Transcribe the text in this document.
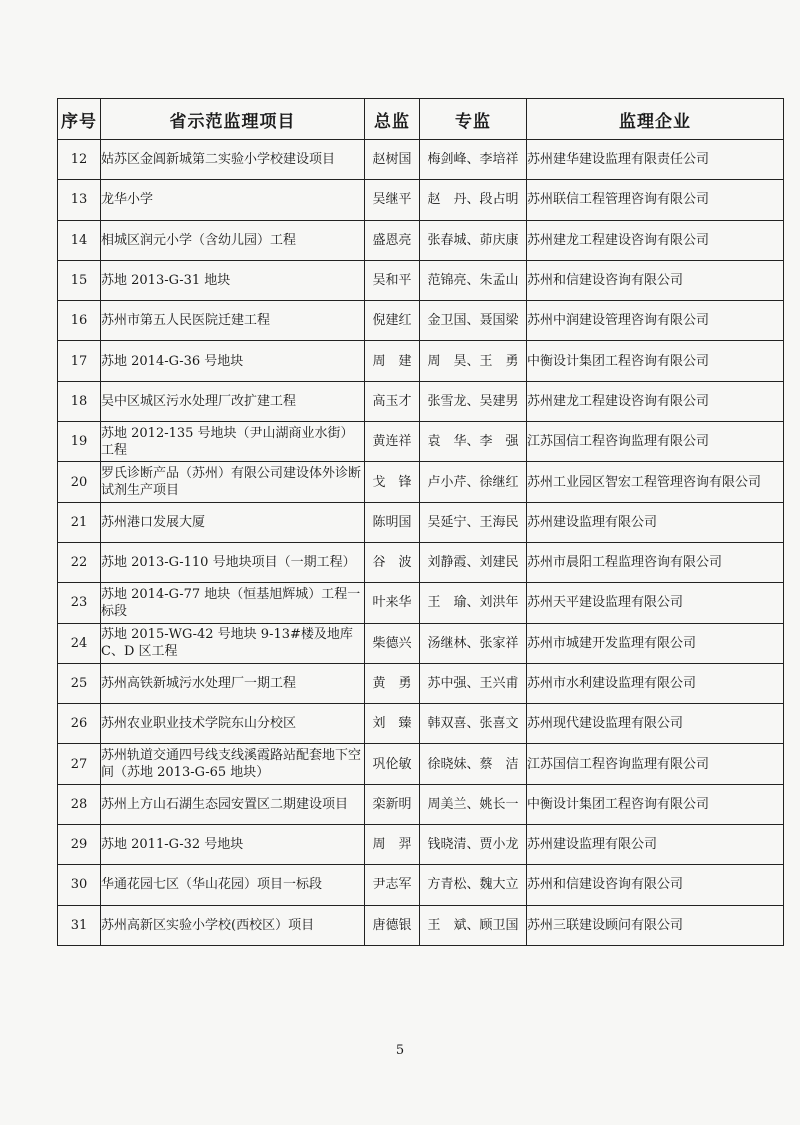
序号	省示范监理项目	总监	专监	监理企业
12	姑苏区金阊新城第二实验小学校建设项目	赵树国	梅剑峰、李培祥	苏州建华建设监理有限责任公司
13	龙华小学	吴继平	赵　丹、段占明	苏州联信工程管理咨询有限公司
14	相城区润元小学（含幼儿园）工程	盛恩亮	张春城、茆庆康	苏州建龙工程建设咨询有限公司
15	苏地 2013-G-31 地块	吴和平	范锦亮、朱孟山	苏州和信建设咨询有限公司
16	苏州市第五人民医院迁建工程	倪建红	金卫国、聂国梁	苏州中润建设管理咨询有限公司
17	苏地 2014-G-36 号地块	周　建	周　昊、王　勇	中衡设计集团工程咨询有限公司
18	吴中区城区污水处理厂改扩建工程	高玉才	张雪龙、吴建男	苏州建龙工程建设咨询有限公司
19	苏地 2012-135 号地块（尹山湖商业水街）工程	黄连祥	袁　华、李　强	江苏国信工程咨询监理有限公司
20	罗氏诊断产品（苏州）有限公司建设体外诊断试剂生产项目	戈　锋	卢小芹、徐继红	苏州工业园区智宏工程管理咨询有限公司
21	苏州港口发展大厦	陈明国	吴延宁、王海民	苏州建设监理有限公司
22	苏地 2013-G-110 号地块项目（一期工程）	谷　波	刘静霞、刘建民	苏州市晨阳工程监理咨询有限公司
23	苏地 2014-G-77 地块（恒基旭辉城）工程一标段	叶来华	王　瑜、刘洪年	苏州天平建设监理有限公司
24	苏地 2015-WG-42 号地块 9-13#楼及地库 C、D 区工程	柴德兴	汤继林、张家祥	苏州市城建开发监理有限公司
25	苏州高铁新城污水处理厂一期工程	黄　勇	苏中强、王兴甫	苏州市水利建设监理有限公司
26	苏州农业职业技术学院东山分校区	刘　臻	韩双喜、张喜文	苏州现代建设监理有限公司
27	苏州轨道交通四号线支线溪霞路站配套地下空间（苏地 2013-G-65 地块）	巩伦敏	徐晓妹、蔡　洁	江苏国信工程咨询监理有限公司
28	苏州上方山石湖生态园安置区二期建设项目	栾新明	周美兰、姚长一	中衡设计集团工程咨询有限公司
29	苏地 2011-G-32 号地块	周　羿	钱晓清、贾小龙	苏州建设监理有限公司
30	华通花园七区（华山花园）项目一标段	尹志军	方青松、魏大立	苏州和信建设咨询有限公司
31	苏州高新区实验小学校(西校区）项目	唐德银	王　斌、顾卫国	苏州三联建设顾问有限公司
5
